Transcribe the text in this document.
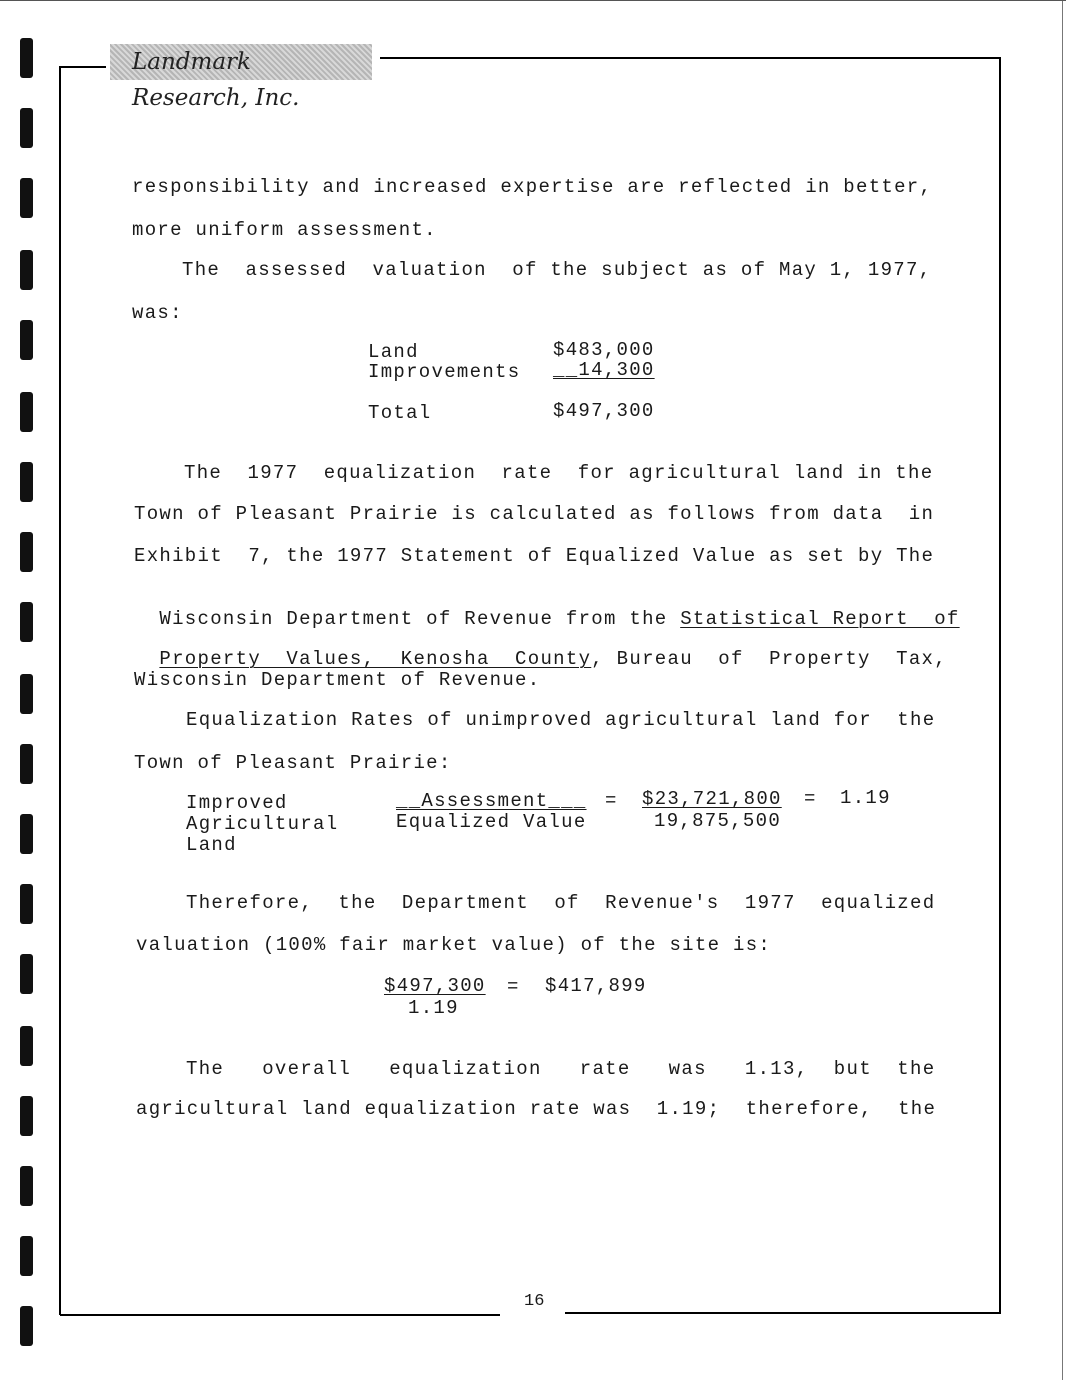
Landmark Research, Inc.
responsibility and increased expertise are reflected in better,
more uniform assessment.
The  assessed  valuation  of the subject as of May 1, 1977,
was:
Land	$483,000
Improvements __14,300
Total	$497,300
The  1977  equalization  rate  for agricultural land in the
Town of Pleasant Prairie is calculated as follows from data  in
Exhibit  7, the 1977 Statement of Equalized Value as set by The

Wisconsin Department of Revenue from the Statistical Report  of

Property  Values,  Kenosha  County, Bureau  of  Property  Tax,

Wisconsin Department of Revenue.
Equalization Rates of unimproved agricultural land for  the
Town of Pleasant Prairie:
Improved
Agricultural
Land
__Assessment___
Equalized Value
= $23,721,800
19,875,500
= 1.19
Therefore,  the  Department  of  Revenue's  1977  equalized
valuation (100% fair market value) of the site is:
$497,300
1.19
= $417,899
The   overall   equalization   rate   was   1.13,  but  the
agricultural land equalization rate was  1.19;  therefore,  the
16
